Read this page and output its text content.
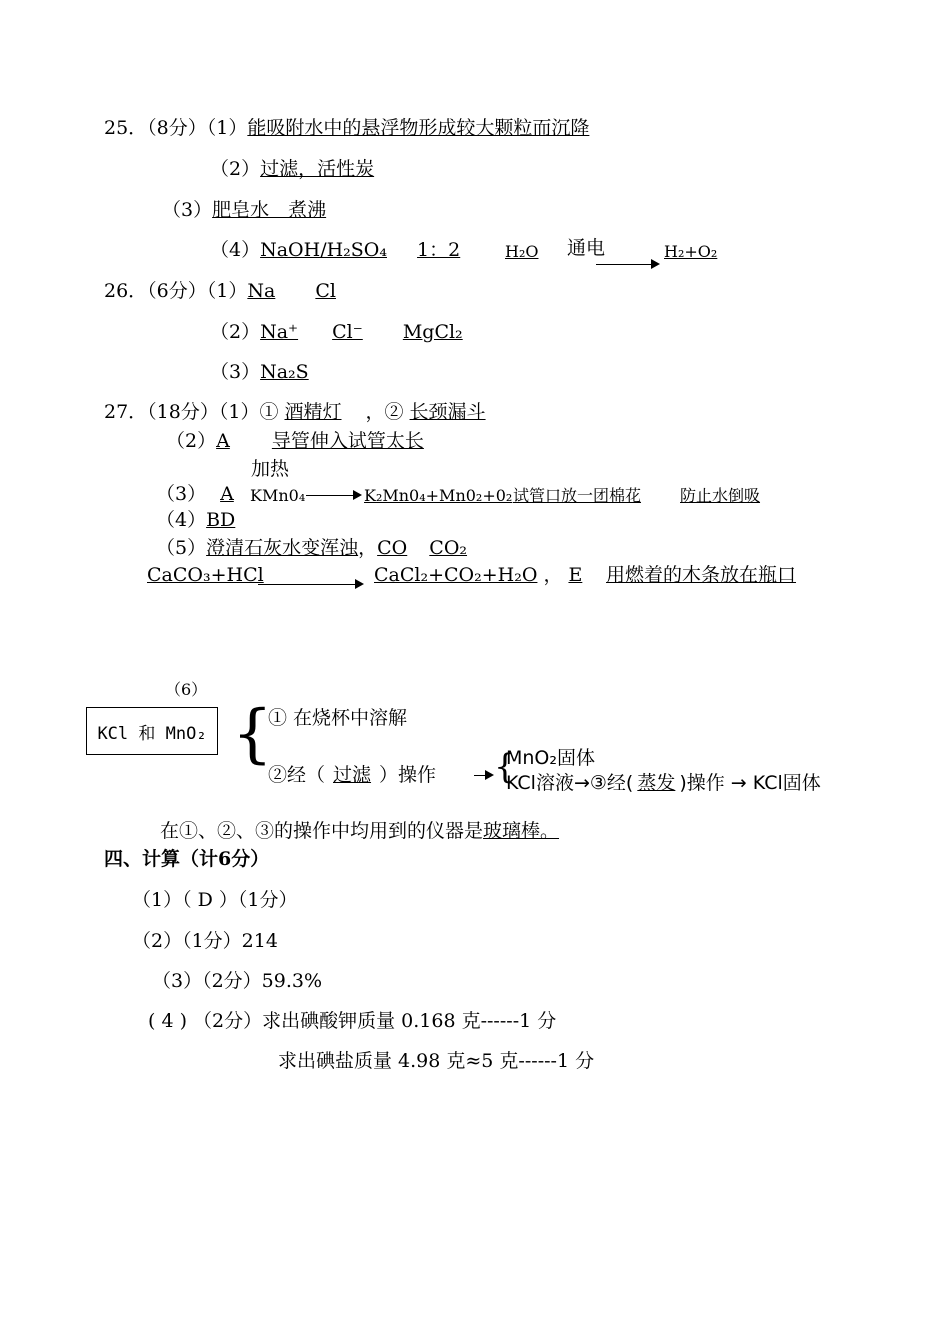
25．（8分）（1）能吸附水中的悬浮物形成较大颗粒而沉降
（2）过滤，活性炭
（3）肥皂水　煮沸
（4）NaOH/H₂SO₄ 1：2	H₂O 通电	H₂+O₂
26．（6分）（1）Na Cl
（2）Na⁺ Cl⁻ MgCl₂
（3）Na₂S
27．（18分）（1）① 酒精灯 ，② 长颈漏斗
（2）A 导管伸入试管太长
加热
（3） A KMn0₄	K₂Mn0₄+Mn0₂+0₂ 试管口放一团棉花 防止水倒吸
（4）BD
（5）澄清石灰水变浑浊，CO CO₂
CaCO₃+HCl	CaCl₂+CO₂+H₂O ， E 用燃着的木条放在瓶口
（6）
KCl 和 MnO₂ {
① 在烧杯中溶解
②经（ 过滤 ）操作 {
MnO₂固体
KCl溶液→③经( 蒸发 )操作 → KCl固体
在①、②、③的操作中均用到的仪器是玻璃棒。
四、计算（计6分）
（1）（ D ）（1分）
（2）（1分）214
（3）（2分）59.3%
( 4 ) （2分）求出碘酸钾质量 0.168 克------1 分
求出碘盐质量 4.98 克≈5 克------1 分
